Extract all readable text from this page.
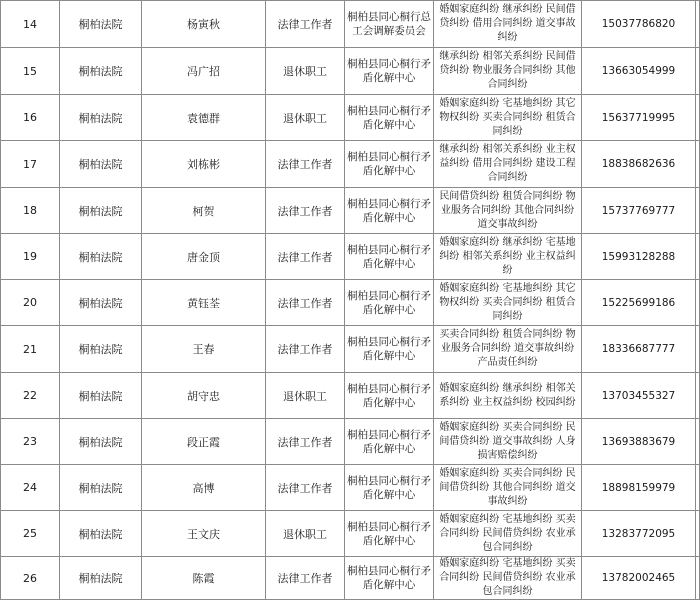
14	桐柏法院	杨寅秋	法律工作者	桐柏县同心桐行总工会调解委员会	婚姻家庭纠纷 继承纠纷 民间借贷纠纷 借用合同纠纷 道交事故纠纷	15037786820	
15	桐柏法院	冯广招	退休职工	桐柏县同心桐行矛盾化解中心	继承纠纷 相邻关系纠纷 民间借贷纠纷 物业服务合同纠纷 其他合同纠纷	13663054999	
16	桐柏法院	袁德群	退休职工	桐柏县同心桐行矛盾化解中心	婚姻家庭纠纷 宅基地纠纷 其它物权纠纷 买卖合同纠纷 租赁合同纠纷	15637719995	
17	桐柏法院	刘栋彬	法律工作者	桐柏县同心桐行矛盾化解中心	继承纠纷 相邻关系纠纷 业主权益纠纷 借用合同纠纷 建设工程合同纠纷	18838682636	
18	桐柏法院	柯贺	法律工作者	桐柏县同心桐行矛盾化解中心	民间借贷纠纷 租赁合同纠纷 物业服务合同纠纷 其他合同纠纷 道交事故纠纷	15737769777	
19	桐柏法院	唐金顶	法律工作者	桐柏县同心桐行矛盾化解中心	婚姻家庭纠纷 继承纠纷 宅基地纠纷 相邻关系纠纷 业主权益纠纷	15993128288	
20	桐柏法院	黄钰荃	法律工作者	桐柏县同心桐行矛盾化解中心	婚姻家庭纠纷 宅基地纠纷 其它物权纠纷 买卖合同纠纷 租赁合同纠纷	15225699186	
21	桐柏法院	王春	法律工作者	桐柏县同心桐行矛盾化解中心	买卖合同纠纷 租赁合同纠纷 物业服务合同纠纷 道交事故纠纷 产品责任纠纷	18336687777	
22	桐柏法院	胡守忠	退休职工	桐柏县同心桐行矛盾化解中心	婚姻家庭纠纷 继承纠纷 相邻关系纠纷 业主权益纠纷 校园纠纷	13703455327	
23	桐柏法院	段正霞	法律工作者	桐柏县同心桐行矛盾化解中心	婚姻家庭纠纷 买卖合同纠纷 民间借贷纠纷 道交事故纠纷 人身损害赔偿纠纷	13693883679	
24	桐柏法院	高博	法律工作者	桐柏县同心桐行矛盾化解中心	婚姻家庭纠纷 买卖合同纠纷 民间借贷纠纷 其他合同纠纷 道交事故纠纷	18898159979	
25	桐柏法院	王文庆	退休职工	桐柏县同心桐行矛盾化解中心	婚姻家庭纠纷 宅基地纠纷 买卖合同纠纷 民间借贷纠纷 农业承包合同纠纷	13283772095	
26	桐柏法院	陈霞	法律工作者	桐柏县同心桐行矛盾化解中心	婚姻家庭纠纷 宅基地纠纷 买卖合同纠纷 民间借贷纠纷 农业承包合同纠纷	13782002465	
